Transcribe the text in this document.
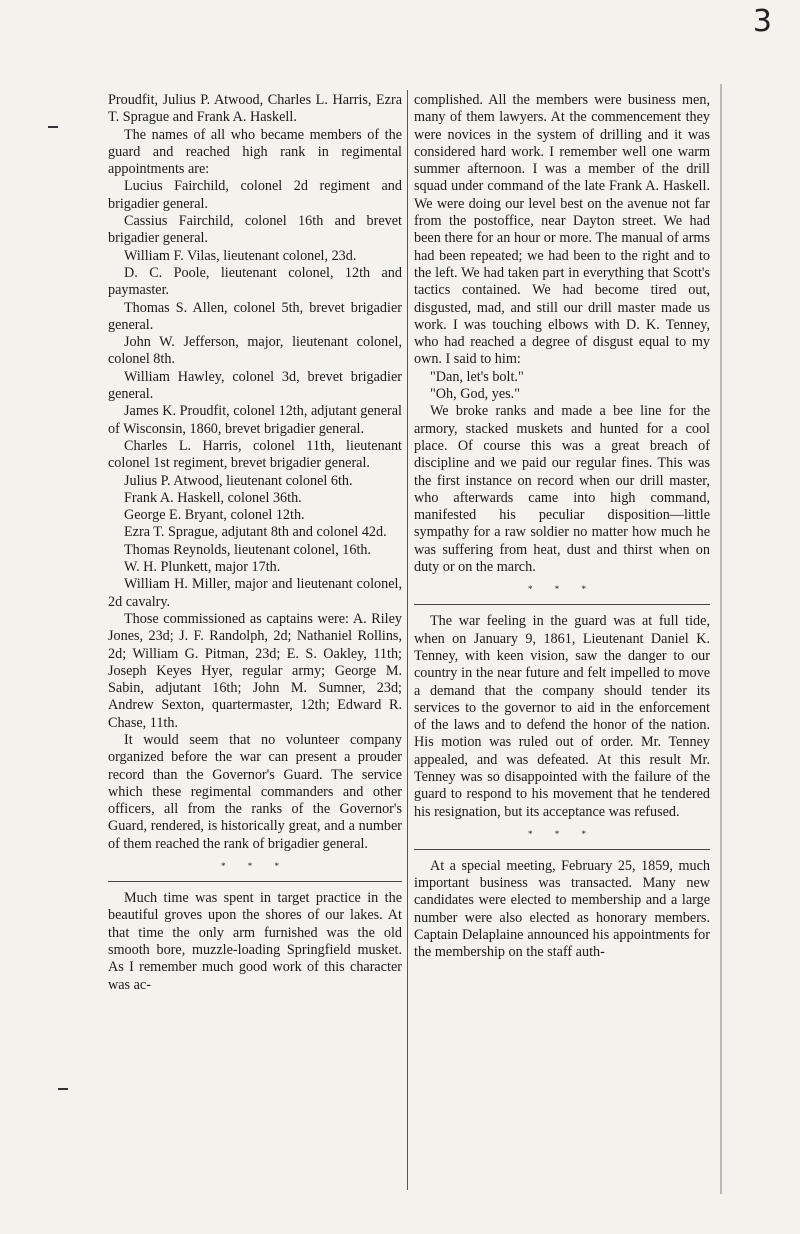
3

Proudfit, Julius P. Atwood, Charles L. Harris, Ezra T. Sprague and Frank A. Haskell.

The names of all who became members of the guard and reached high rank in regimental appointments are:

Lucius Fairchild, colonel 2d regiment and brigadier general.

Cassius Fairchild, colonel 16th and brevet brigadier general.

William F. Vilas, lieutenant colonel, 23d.

D. C. Poole, lieutenant colonel, 12th and paymaster.

Thomas S. Allen, colonel 5th, brevet brigadier general.

John W. Jefferson, major, lieutenant colonel, colonel 8th.

William Hawley, colonel 3d, brevet brigadier general.

James K. Proudfit, colonel 12th, adjutant general of Wisconsin, 1860, brevet brigadier general.

Charles L. Harris, colonel 11th, lieutenant colonel 1st regiment, brevet brigadier general.

Julius P. Atwood, lieutenant colonel 6th.

Frank A. Haskell, colonel 36th.

George E. Bryant, colonel 12th.

Ezra T. Sprague, adjutant 8th and colonel 42d.

Thomas Reynolds, lieutenant colonel, 16th.

W. H. Plunkett, major 17th.

William H. Miller, major and lieutenant colonel, 2d cavalry.

Those commissioned as captains were: A. Riley Jones, 23d; J. F. Randolph, 2d; Nathaniel Rollins, 2d; William G. Pitman, 23d; E. S. Oakley, 11th; Joseph Keyes Hyer, regular army; George M. Sabin, adjutant 16th; John M. Sumner, 23d; Andrew Sexton, quartermaster, 12th; Edward R. Chase, 11th.

It would seem that no volunteer company organized before the war can present a prouder record than the Governor's Guard. The service which these regimental commanders and other officers, all from the ranks of the Governor's Guard, rendered, is historically great, and a number of them reached the rank of brigadier general.

* * *

Much time was spent in target practice in the beautiful groves upon the shores of our lakes. At that time the only arm furnished was the old smooth bore, muzzle-loading Springfield musket. As I remember much good work of this character was ac-

complished. All the members were business men, many of them lawyers. At the commencement they were novices in the system of drilling and it was considered hard work. I remember well one warm summer afternoon. I was a member of the drill squad under command of the late Frank A. Haskell. We were doing our level best on the avenue not far from the postoffice, near Dayton street. We had been there for an hour or more. The manual of arms had been repeated; we had been to the right and to the left. We had taken part in everything that Scott's tactics contained. We had become tired out, disgusted, mad, and still our drill master made us work. I was touching elbows with D. K. Tenney, who had reached a degree of disgust equal to my own. I said to him:

"Dan, let's bolt."

"Oh, God, yes."

We broke ranks and made a bee line for the armory, stacked muskets and hunted for a cool place. Of course this was a great breach of discipline and we paid our regular fines. This was the first instance on record when our drill master, who afterwards came into high command, manifested his peculiar disposition—little sympathy for a raw soldier no matter how much he was suffering from heat, dust and thirst when on duty or on the march.

* * *

The war feeling in the guard was at full tide, when on January 9, 1861, Lieutenant Daniel K. Tenney, with keen vision, saw the danger to our country in the near future and felt impelled to move a demand that the company should tender its services to the governor to aid in the enforcement of the laws and to defend the honor of the nation. His motion was ruled out of order. Mr. Tenney appealed, and was defeated. At this result Mr. Tenney was so disappointed with the failure of the guard to respond to his movement that he tendered his resignation, but its acceptance was refused.

* * *

At a special meeting, February 25, 1859, much important business was transacted. Many new candidates were elected to membership and a large number were also elected as honorary members. Captain Delaplaine announced his appointments for the membership on the staff auth-
